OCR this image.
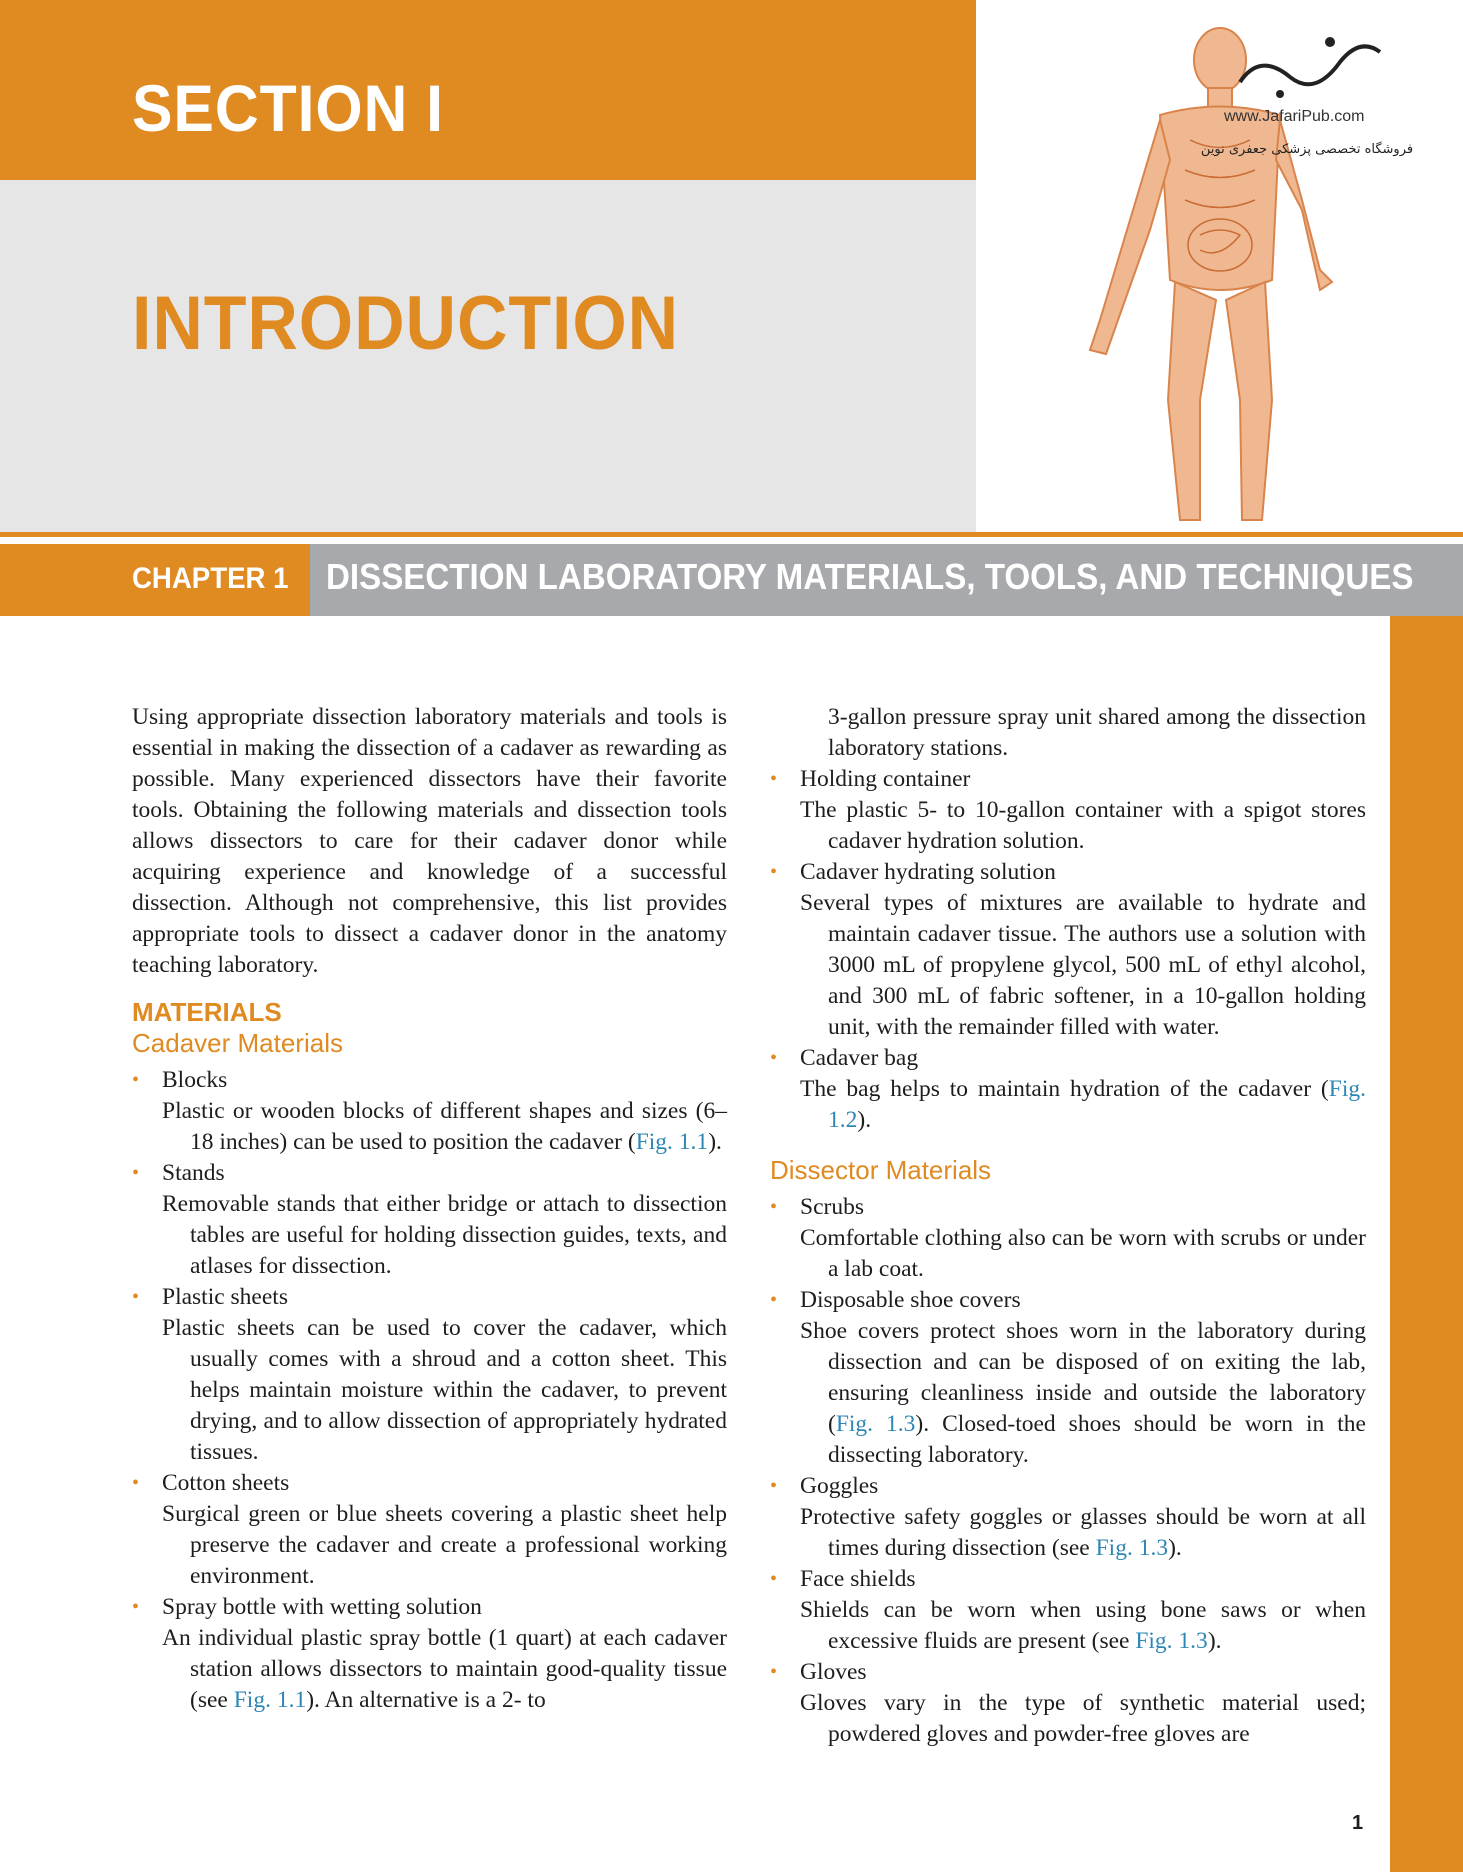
SECTION I
INTRODUCTION
www.JafariPub.com
فروشگاه تخصصی پزشکی جعفری نوین
CHAPTER 1 DISSECTION LABORATORY MATERIALS, TOOLS, AND TECHNIQUES

Using appropriate dissection laboratory materials and tools is essential in making the dissection of a cadaver as rewarding as possible. Many experienced dissectors have their favorite tools. Obtaining the following materials and dissection tools allows dissectors to care for their cadaver donor while acquiring experience and knowledge of a successful dissection. Although not comprehensive, this list provides appropriate tools to dissect a cadaver donor in the anatomy teaching laboratory.

MATERIALS
Cadaver Materials
• Blocks
Plastic or wooden blocks of different shapes and sizes (6–18 inches) can be used to position the cadaver (Fig. 1.1).
• Stands
Removable stands that either bridge or attach to dissection tables are useful for holding dissection guides, texts, and atlases for dissection.
• Plastic sheets
Plastic sheets can be used to cover the cadaver, which usually comes with a shroud and a cotton sheet. This helps maintain moisture within the cadaver, to prevent drying, and to allow dissection of appropriately hydrated tissues.
• Cotton sheets
Surgical green or blue sheets covering a plastic sheet help preserve the cadaver and create a professional working environment.
• Spray bottle with wetting solution
An individual plastic spray bottle (1 quart) at each cadaver station allows dissectors to maintain good-quality tissue (see Fig. 1.1). An alternative is a 2- to
3-gallon pressure spray unit shared among the dissection laboratory stations.
• Holding container
The plastic 5- to 10-gallon container with a spigot stores cadaver hydration solution.
• Cadaver hydrating solution
Several types of mixtures are available to hydrate and maintain cadaver tissue. The authors use a solution with 3000 mL of propylene glycol, 500 mL of ethyl alcohol, and 300 mL of fabric softener, in a 10-gallon holding unit, with the remainder filled with water.
• Cadaver bag
The bag helps to maintain hydration of the cadaver (Fig. 1.2).
Dissector Materials
• Scrubs
Comfortable clothing also can be worn with scrubs or under a lab coat.
• Disposable shoe covers
Shoe covers protect shoes worn in the laboratory during dissection and can be disposed of on exiting the lab, ensuring cleanliness inside and outside the laboratory (Fig. 1.3). Closed-toed shoes should be worn in the dissecting laboratory.
• Goggles
Protective safety goggles or glasses should be worn at all times during dissection (see Fig. 1.3).
• Face shields
Shields can be worn when using bone saws or when excessive fluids are present (see Fig. 1.3).
• Gloves
Gloves vary in the type of synthetic material used; powdered gloves and powder-free gloves are
1
